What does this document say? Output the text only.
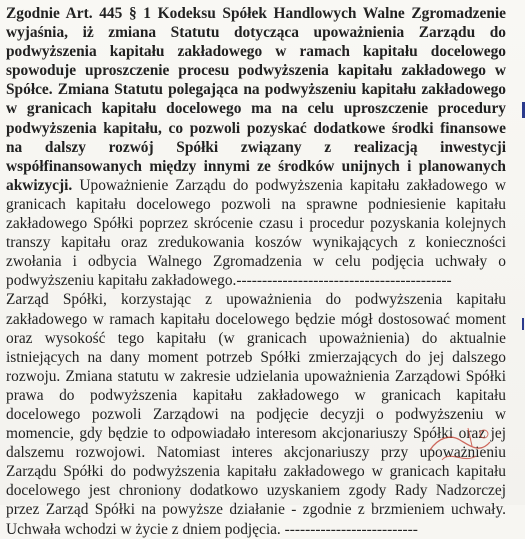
Zgodnie Art. 445 § 1 Kodeksu Spółek Handlowych Walne Zgromadzenie
wyjaśnia, iż zmiana Statutu dotycząca upoważnienia Zarządu do
podwyższenia kapitału zakładowego w ramach kapitału docelowego
spowoduje uproszczenie procesu podwyższenia kapitału zakładowego w
Spółce. Zmiana Statutu polegająca na podwyższeniu kapitału zakładowego
w granicach kapitału docelowego ma na celu uproszczenie procedury
podwyższenia kapitału, co pozwoli pozyskać dodatkowe środki finansowe
na dalszy rozwój Spółki związany z realizacją inwestycji
współfinansowanych między innymi ze środków unijnych i planowanych
akwizycji. Upoważnienie Zarządu do podwyższenia kapitału zakładowego w
granicach kapitału docelowego pozwoli na sprawne podniesienie kapitału
zakładowego Spółki poprzez skrócenie czasu i procedur pozyskania kolejnych
transzy kapitału oraz zredukowania koszów wynikających z konieczności
zwołania i odbycia Walnego Zgromadzenia w celu podjęcia uchwały o
podwyższeniu kapitału zakładowego.------------------------------------------
Zarząd Spółki, korzystając z upoważnienia do podwyższenia kapitału
zakładowego w ramach kapitału docelowego będzie mógł dostosować moment
oraz wysokość tego kapitału (w granicach upoważnienia) do aktualnie
istniejących na dany moment potrzeb Spółki zmierzających do jej dalszego
rozwoju. Zmiana statutu w zakresie udzielania upoważnienia Zarządowi Spółki
prawa do podwyższenia kapitału zakładowego w granicach kapitału
docelowego pozwoli Zarządowi na podjęcie decyzji o podwyższeniu w
momencie, gdy będzie to odpowiadało interesom akcjonariuszy Spółki oraz jej
dalszemu rozwojowi. Natomiast interes akcjonariuszy przy upoważnieniu
Zarządu Spółki do podwyższenia kapitału zakładowego w granicach kapitału
docelowego jest chroniony dodatkowo uzyskaniem zgody Rady Nadzorczej
przez Zarząd Spółki na powyższe działanie - zgodnie z brzmieniem uchwały.
Uchwała wchodzi w życie z dniem podjęcia. --------------------------
